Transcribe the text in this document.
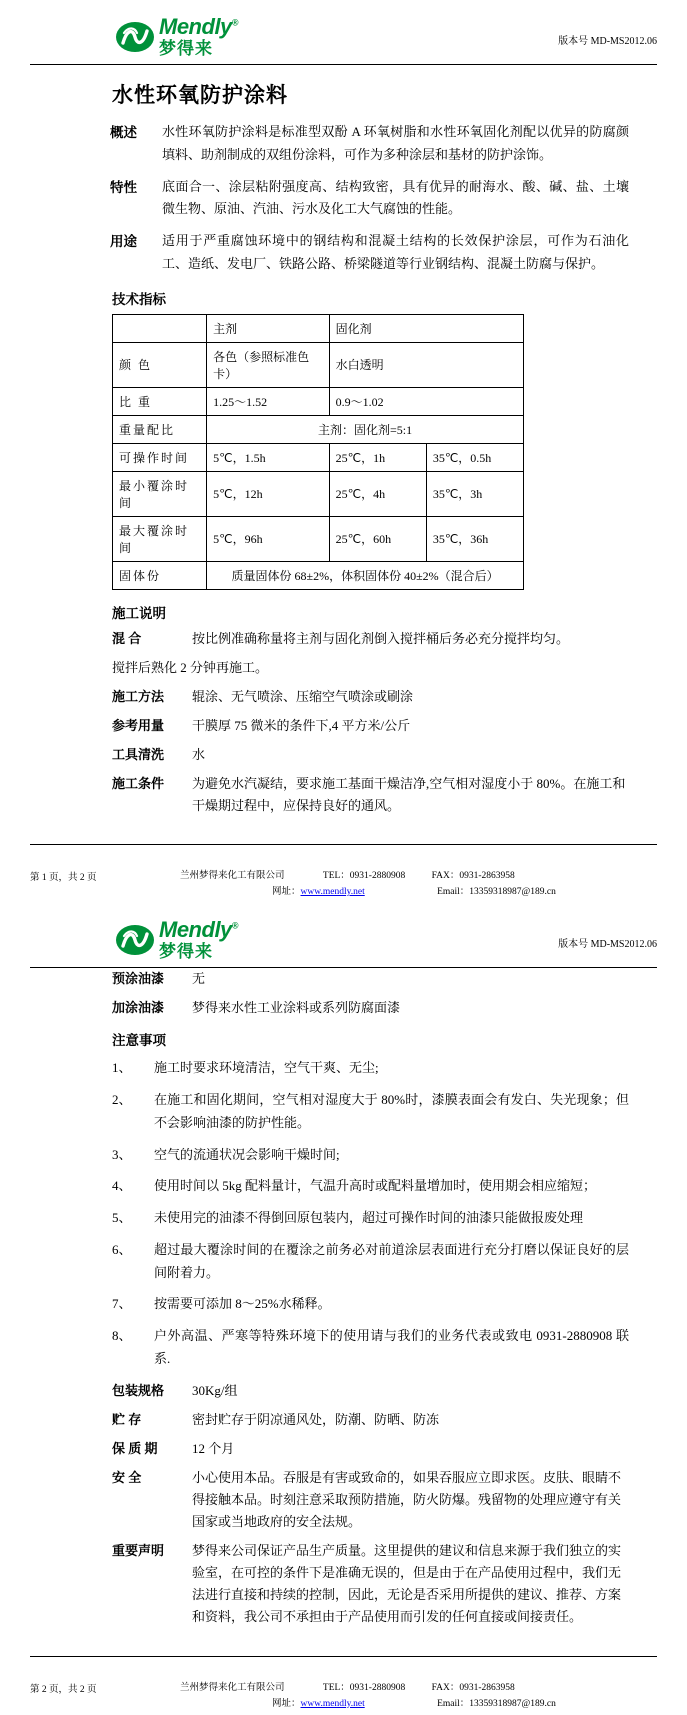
Mendly®
梦得来	版本号 MD-MS2012.06
水性环氧防护涂料
概述	水性环氧防护涂料是标准型双酚 A 环氧树脂和水性环氧固化剂配以优异的防腐颜填料、助剂制成的双组份涂料，可作为多种涂层和基材的防护涂饰。
特性	底面合一、涂层粘附强度高、结构致密，具有优异的耐海水、酸、碱、盐、土壤微生物、原油、汽油、污水及化工大气腐蚀的性能。
用途	适用于严重腐蚀环境中的钢结构和混凝土结构的长效保护涂层，可作为石油化工、造纸、发电厂、铁路公路、桥梁隧道等行业钢结构、混凝土防腐与保护。
技术指标
	主剂	固化剂	
颜 色	各色（参照标准色卡）	水白透明	
比 重	1.25～1.52	0.9～1.02	
重量配比	主剂：固化剂=5:1		
可操作时间	5℃，1.5h	25℃，1h	35℃，0.5h
最小覆涂时间	5℃，12h	25℃，4h	35℃，3h
最大覆涂时间	5℃，96h	25℃，60h	35℃，36h
固体份	质量固体份 68±2%，体积固体份 40±2%（混合后）		
施工说明
混 合	按比例准确称量将主剂与固化剂倒入搅拌桶后务必充分搅拌均匀。
搅拌后熟化 2 分钟再施工。
施工方法	辊涂、无气喷涂、压缩空气喷涂或刷涂
参考用量	干膜厚 75 微米的条件下,4 平方米/公斤
工具清洗	水
施工条件	为避免水汽凝结，要求施工基面干燥洁净,空气相对湿度小于 80%。在施工和干燥期过程中，应保持良好的通风。
第 1 页，共 2 页	兰州梦得来化工有限公司	TEL：0931-2880908	FAX：0931-2863958
网址：www.mendly.net	Email：13359318987@189.cn
Mendly®
梦得来	版本号 MD-MS2012.06
预涂油漆	无
加涂油漆	梦得来水性工业涂料或系列防腐面漆
注意事项
1、	施工时要求环境清洁，空气干爽、无尘;
2、	在施工和固化期间，空气相对湿度大于 80%时，漆膜表面会有发白、失光现象；但不会影响油漆的防护性能。
3、	空气的流通状况会影响干燥时间;
4、	使用时间以 5kg 配料量计，气温升高时或配料量增加时，使用期会相应缩短；
5、	未使用完的油漆不得倒回原包装内，超过可操作时间的油漆只能做报废处理
6、	超过最大覆涂时间的在覆涂之前务必对前道涂层表面进行充分打磨以保证良好的层间附着力。
7、	按需要可添加 8～25%水稀释。
8、	户外高温、严寒等特殊环境下的使用请与我们的业务代表或致电 0931-2880908 联系.
包装规格	30Kg/组
贮 存	密封贮存于阴凉通风处，防潮、防晒、防冻
保 质 期	12 个月
安 全	小心使用本品。吞服是有害或致命的，如果吞服应立即求医。皮肤、眼睛不得接触本品。时刻注意采取预防措施，防火防爆。残留物的处理应遵守有关国家或当地政府的安全法规。
重要声明	梦得来公司保证产品生产质量。这里提供的建议和信息来源于我们独立的实验室，在可控的条件下是准确无误的，但是由于在产品使用过程中，我们无法进行直接和持续的控制，因此，无论是否采用所提供的建议、推荐、方案和资料，我公司不承担由于产品使用而引发的任何直接或间接责任。
第 2 页，共 2 页	兰州梦得来化工有限公司	TEL：0931-2880908	FAX：0931-2863958
网址：www.mendly.net	Email：13359318987@189.cn
